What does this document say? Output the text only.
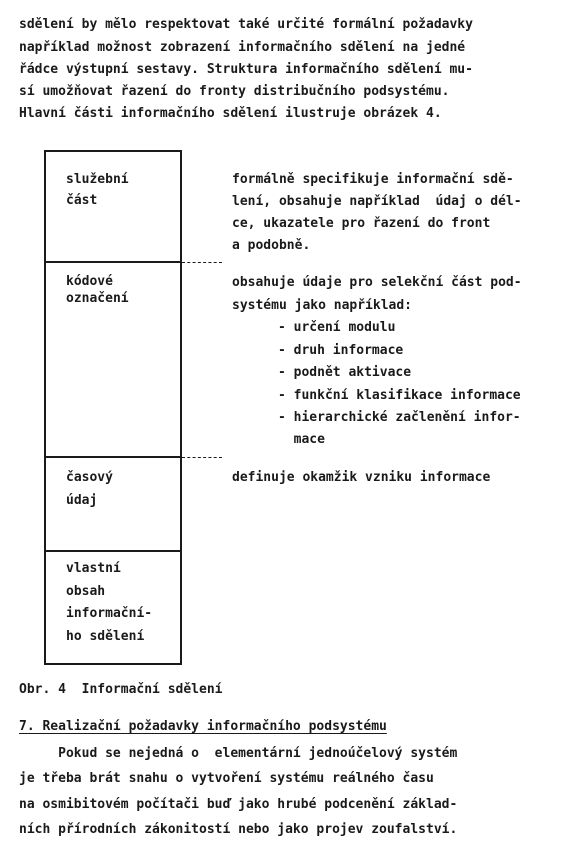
sdělení by mělo respektovat také určité formální požadavky
například možnost zobrazení informačního sdělení na jedné
řádce výstupní sestavy. Struktura informačního sdělení mu-
sí umožňovat řazení do fronty distribučního podsystému.
Hlavní části informačního sdělení ilustruje obrázek 4.
služební
část
formálně specifikuje informační sdě-
lení, obsahuje například  údaj o dél-
ce, ukazatele pro řazení do front
a podobně.
kódové
označení
obsahuje údaje pro selekční část pod-
systému jako například:
- určení modulu
- druh informace
- podnět aktivace
- funkční klasifikace informace
- hierarchické začlenění infor-
mace
časový
údaj
definuje okamžik vzniku informace
vlastní
obsah
informační-
ho sdělení
Obr. 4  Informační sdělení
7. Realizační požadavky informačního podsystému
Pokud se nejedná o  elementární jednoúčelový systém
je třeba brát snahu o vytvoření systému reálného času
na osmibitovém počítači buď jako hrubé podcenění základ-
ních přírodních zákonitostí nebo jako projev zoufalství.
